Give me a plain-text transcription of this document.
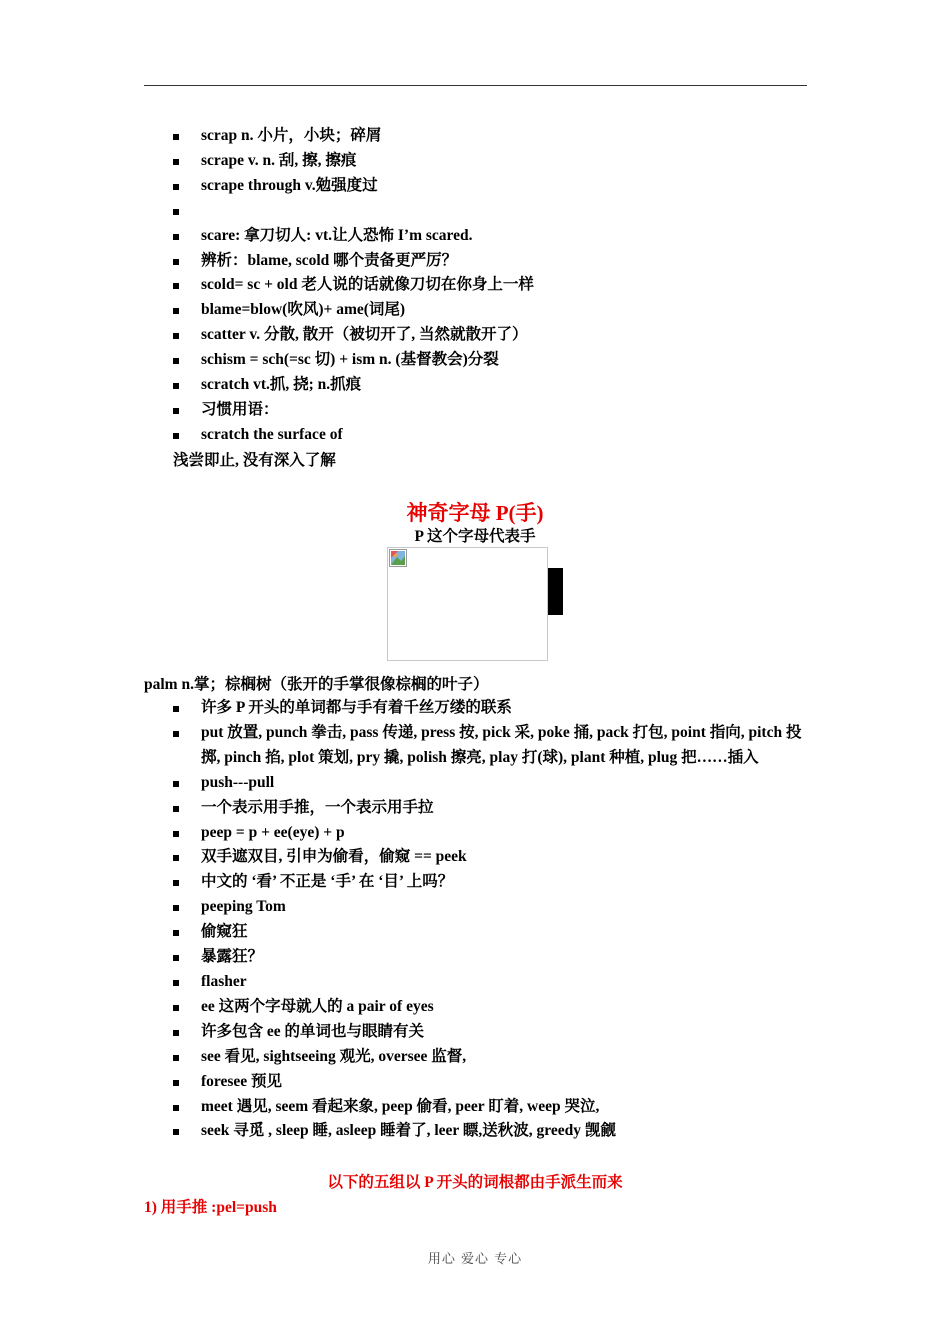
scrap n. 小片，小块；碎屑
scrape v. n. 刮, 擦, 擦痕
scrape through v.勉强度过

scare: 拿刀切人: vt.让人恐怖 I’m scared.
辨析：blame, scold 哪个责备更严厉？
scold= sc + old 老人说的话就像刀切在你身上一样
blame=blow(吹风)+ ame(词尾)
scatter v. 分散, 散开（被切开了, 当然就散开了）
schism = sch(=sc 切) + ism n. (基督教会)分裂
scratch vt.抓, 挠; n.抓痕
习惯用语：
scratch the surface of
浅尝即止, 没有深入了解
神奇字母 P(手)
P 这个字母代表手
palm n.掌；棕榈树（张开的手掌很像棕榈的叶子）
许多 P 开头的单词都与手有着千丝万缕的联系
put 放置, punch 拳击, pass 传递, press 按, pick 采, poke 捅, pack 打包, point 指向, pitch 投掷, pinch 掐, plot 策划, pry 撬, polish 擦亮, play 打(球), plant 种植, plug 把……插入
push---pull
一个表示用手推，一个表示用手拉
peep = p + ee(eye) + p
双手遮双目, 引申为偷看，偷窥 == peek
中文的 ‘看’ 不正是 ‘手’ 在 ‘目’ 上吗？
peeping Tom
偷窥狂
暴露狂？
flasher
ee 这两个字母就人的 a pair of eyes
许多包含 ee 的单词也与眼睛有关
see 看见, sightseeing 观光, oversee 监督,
foresee 预见
meet 遇见, seem 看起来象, peep 偷看, peer 盯着, weep 哭泣,
seek 寻觅 , sleep 睡, asleep 睡着了, leer 瞟,送秋波, greedy 觊觎
以下的五组以 P 开头的词根都由手派生而来
1) 用手推 :pel=push
用心 爱心 专心
